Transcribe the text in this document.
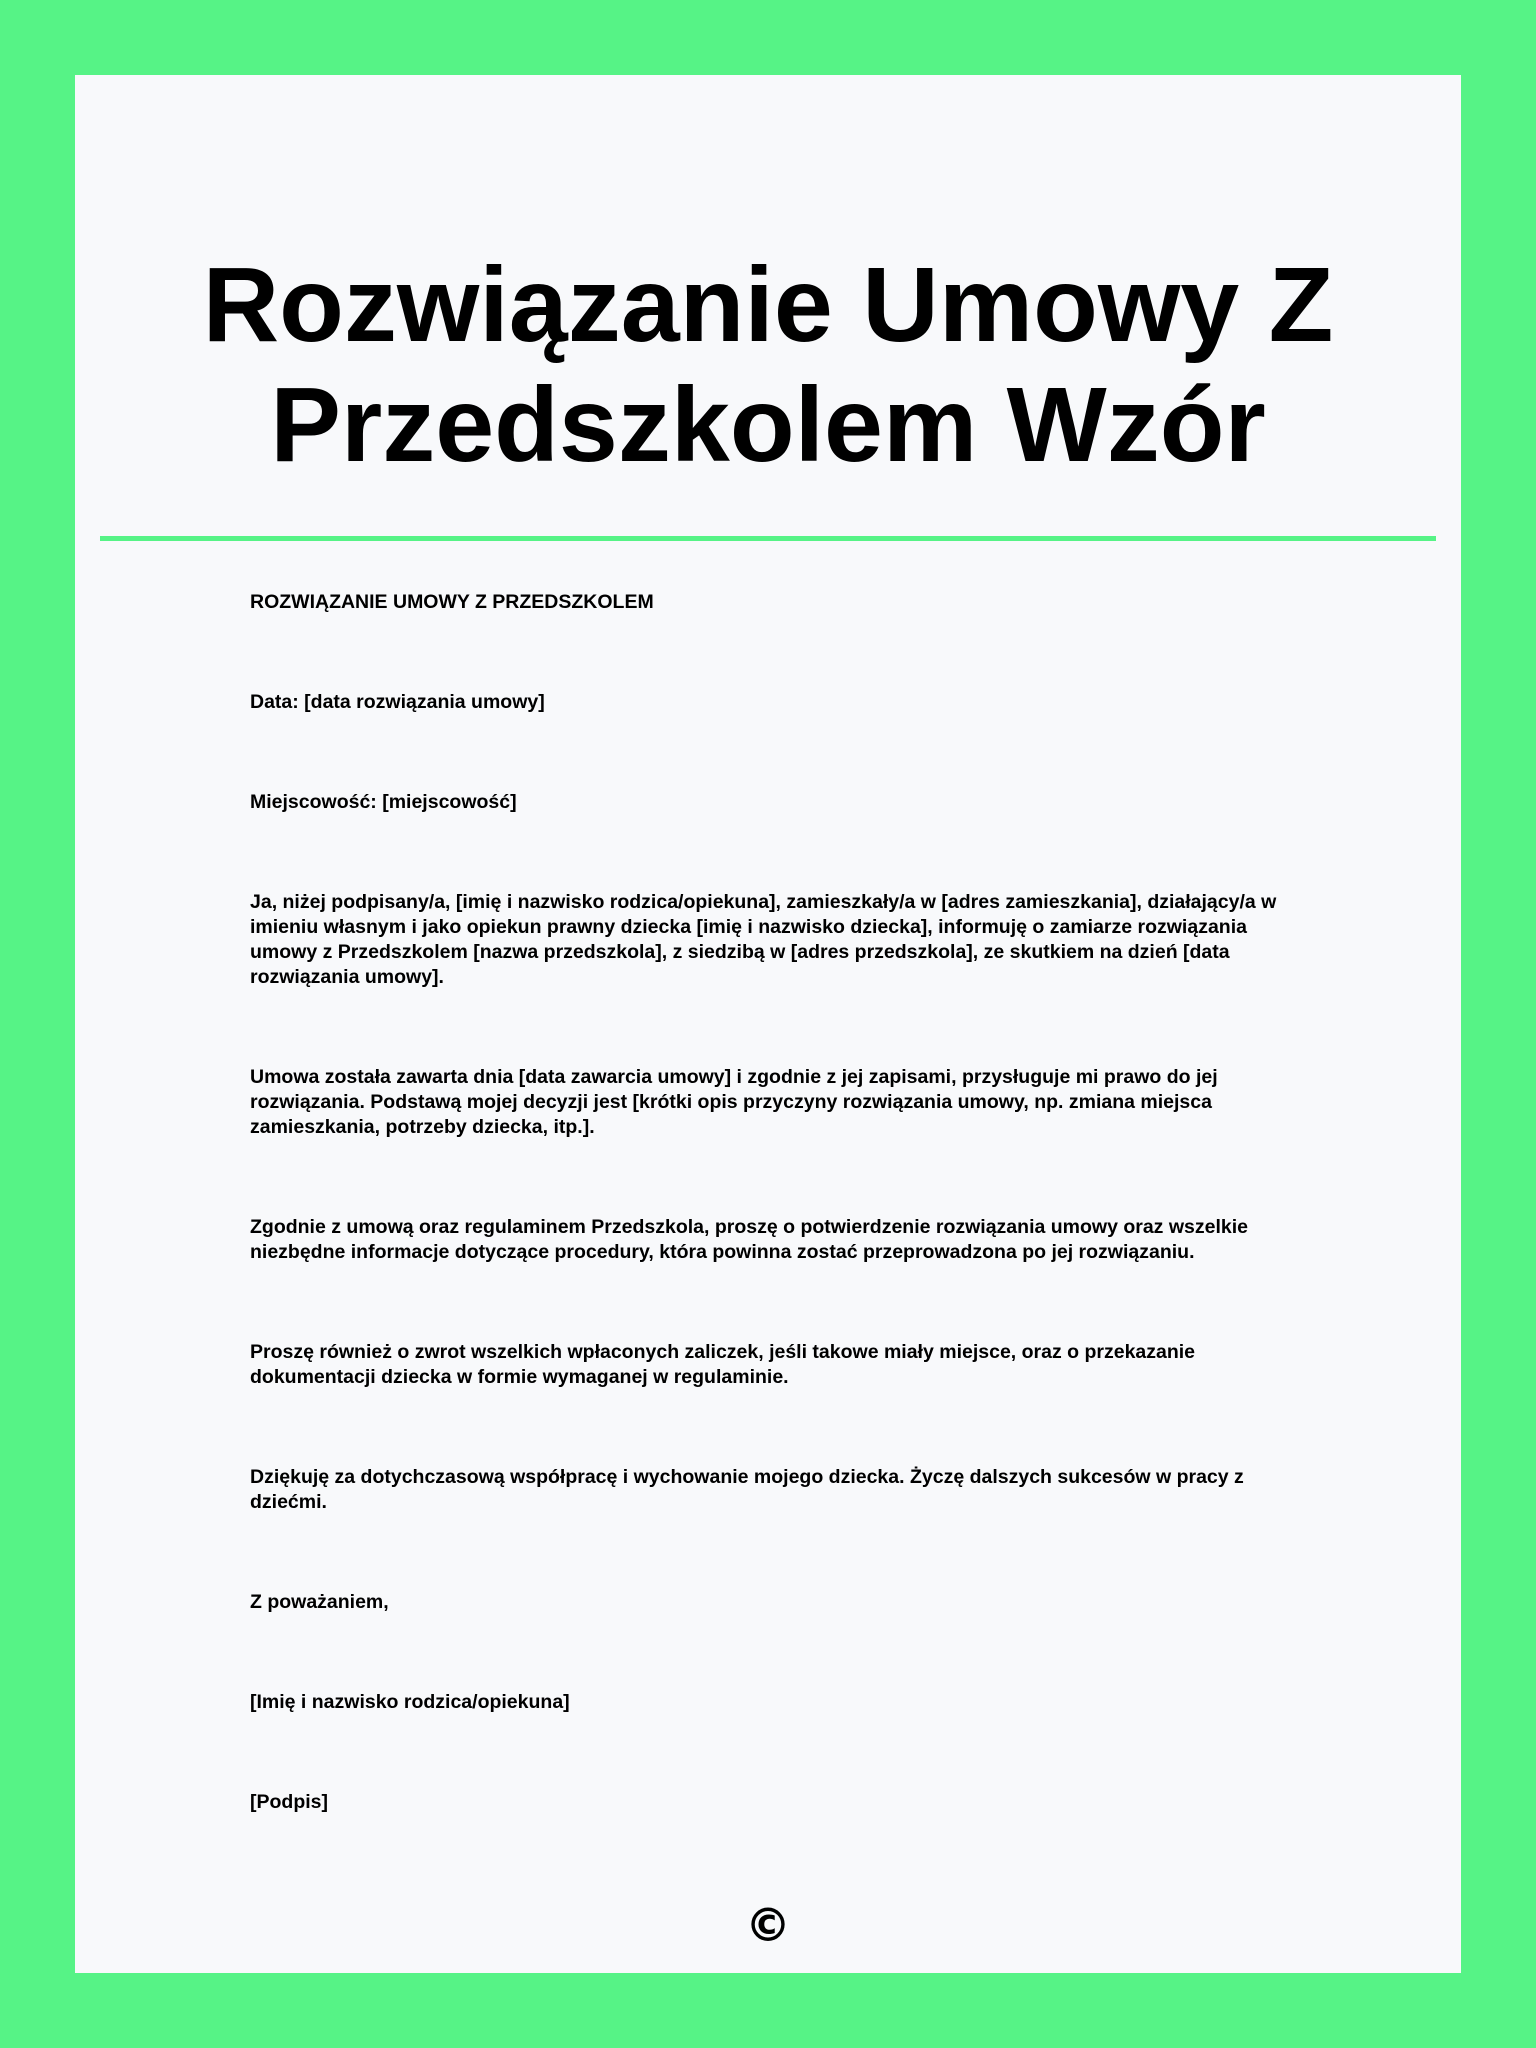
Rozwiązanie Umowy Z
Przedszkolem Wzór

ROZWIĄZANIE UMOWY Z PRZEDSZKOLEM

Data: [data rozwiązania umowy]

Miejscowość: [miejscowość]

Ja, niżej podpisany/a, [imię i nazwisko rodzica/opiekuna], zamieszkały/a w [adres zamieszkania], działający/a w imieniu własnym i jako opiekun prawny dziecka [imię i nazwisko dziecka], informuję o zamiarze rozwiązania umowy z Przedszkolem [nazwa przedszkola], z siedzibą w [adres przedszkola], ze skutkiem na dzień [data rozwiązania umowy].

Umowa została zawarta dnia [data zawarcia umowy] i zgodnie z jej zapisami, przysługuje mi prawo do jej rozwiązania. Podstawą mojej decyzji jest [krótki opis przyczyny rozwiązania umowy, np. zmiana miejsca zamieszkania, potrzeby dziecka, itp.].

Zgodnie z umową oraz regulaminem Przedszkola, proszę o potwierdzenie rozwiązania umowy oraz wszelkie niezbędne informacje dotyczące procedury, która powinna zostać przeprowadzona po jej rozwiązaniu.

Proszę również o zwrot wszelkich wpłaconych zaliczek, jeśli takowe miały miejsce, oraz o przekazanie dokumentacji dziecka w formie wymaganej w regulaminie.

Dziękuję za dotychczasową współpracę i wychowanie mojego dziecka. Życzę dalszych sukcesów w pracy z dziećmi.

Z poważaniem,

[Imię i nazwisko rodzica/opiekuna]

[Podpis]

©
